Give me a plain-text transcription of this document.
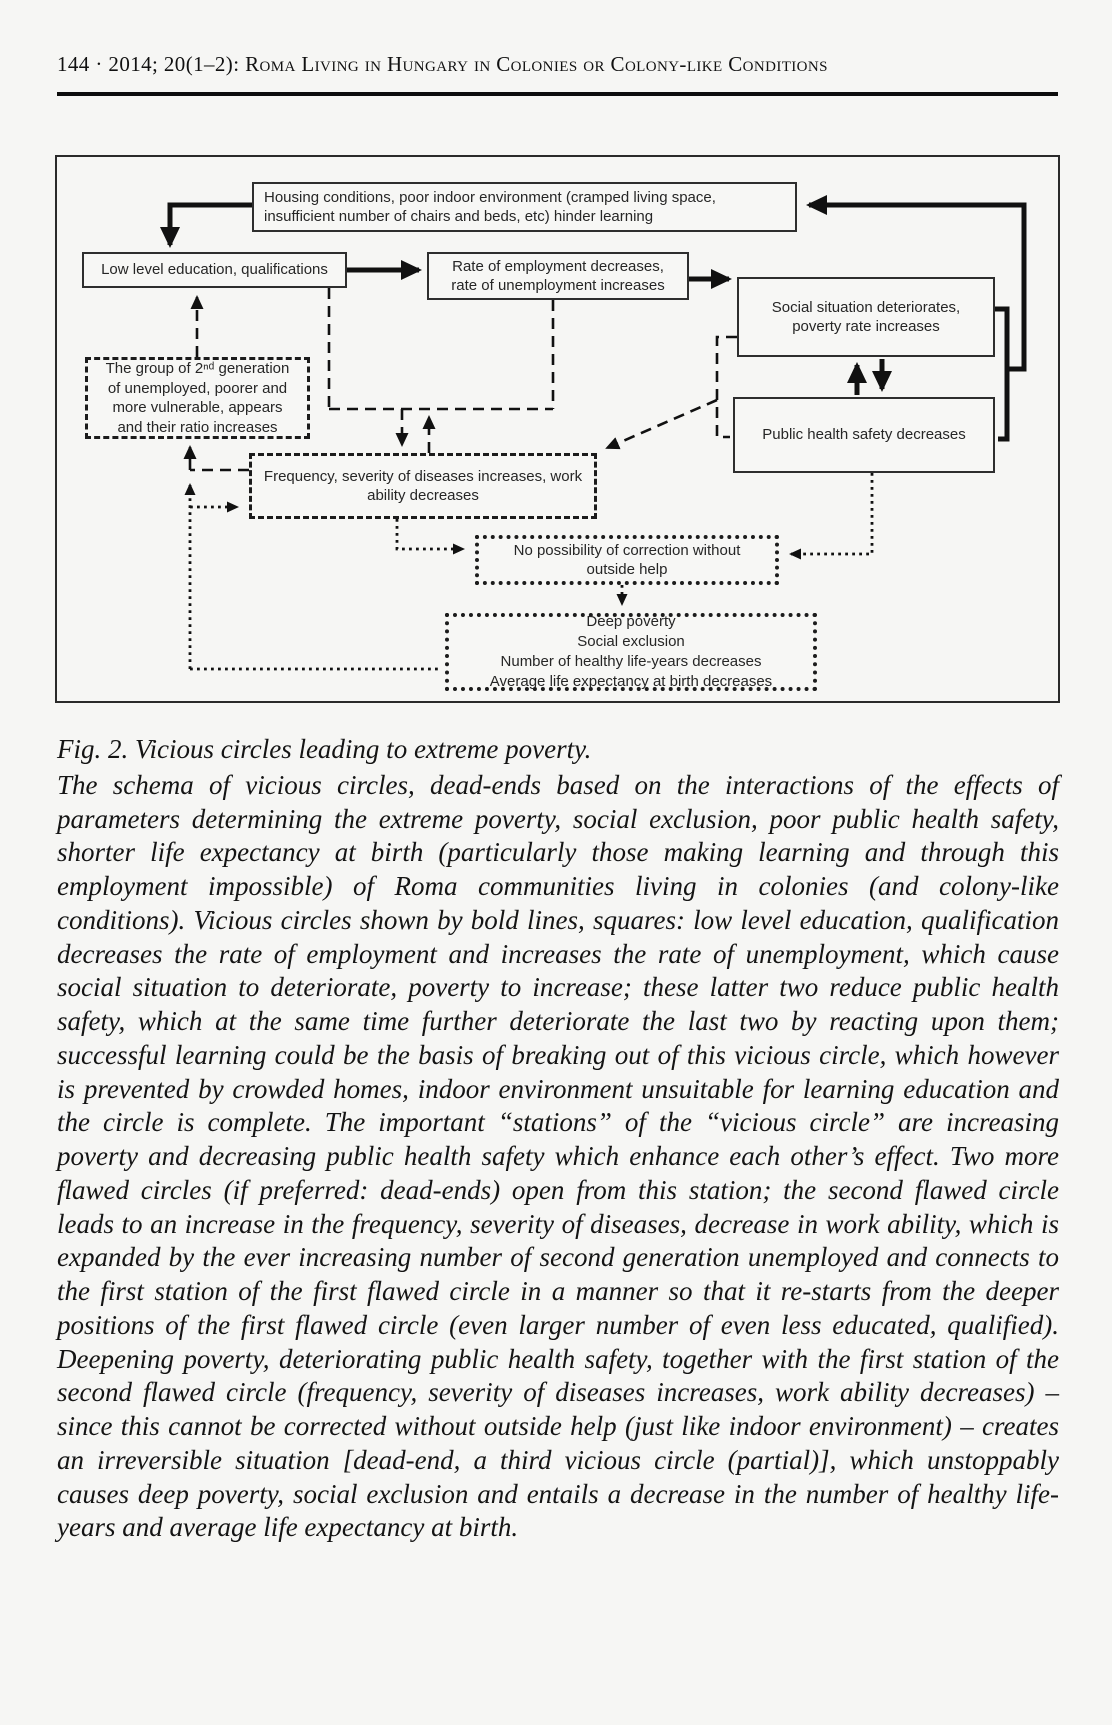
144 · 2014; 20(1–2): Roma Living in Hungary in Colonies or Colony-like Conditions
Housing conditions, poor indoor environment (cramped living space, insufficient number of chairs and beds, etc) hinder learning
Low level education, qualifications	Rate of employment decreases, rate of unemployment increases
Social situation deteriorates, poverty rate increases
Public health safety decreases
The group of 2ⁿᵈ generation of unemployed, poorer and more vulnerable, appears and their ratio increases
Frequency, severity of diseases increases, work ability decreases
No possibility of correction without outside help
Deep poverty
Social exclusion
Number of healthy life-years decreases
Average life expectancy at birth decreases
Fig. 2. Vicious circles leading to extreme poverty.
The schema of vicious circles, dead-ends based on the interactions of the effects of parameters determining the extreme poverty, social exclusion, poor public health safety, shorter life expectancy at birth (particularly those making learning and through this employment impossible) of Roma communities living in colonies (and colony-like conditions). Vicious circles shown by bold lines, squares: low level education, qualification decreases the rate of employment and increases the rate of unemployment, which cause social situation to deteriorate, poverty to increase; these latter two reduce public health safety, which at the same time further deteriorate the last two by reacting upon them; successful learning could be the basis of breaking out of this vicious circle, which however is prevented by crowded homes, indoor environment unsuitable for learning education and the circle is complete. The important “stations” of the “vicious circle” are increasing poverty and decreasing public health safety which enhance each other’s effect. Two more flawed circles (if preferred: dead-ends) open from this station; the second flawed circle leads to an increase in the frequency, severity of diseases, decrease in work ability, which is expanded by the ever increasing number of second generation unemployed and connects to the first station of the first flawed circle in a manner so that it re-starts from the deeper positions of the first flawed circle (even larger number of even less educated, qualified). Deepening poverty, deteriorating public health safety, together with the first station of the second flawed circle (frequency, severity of diseases increases, work ability decreases) – since this cannot be corrected without outside help (just like indoor environment) – creates an irreversible situation [dead-end, a third vicious circle (partial)], which unstoppably causes deep poverty, social exclusion and entails a decrease in the number of healthy life-years and average life expectancy at birth.
